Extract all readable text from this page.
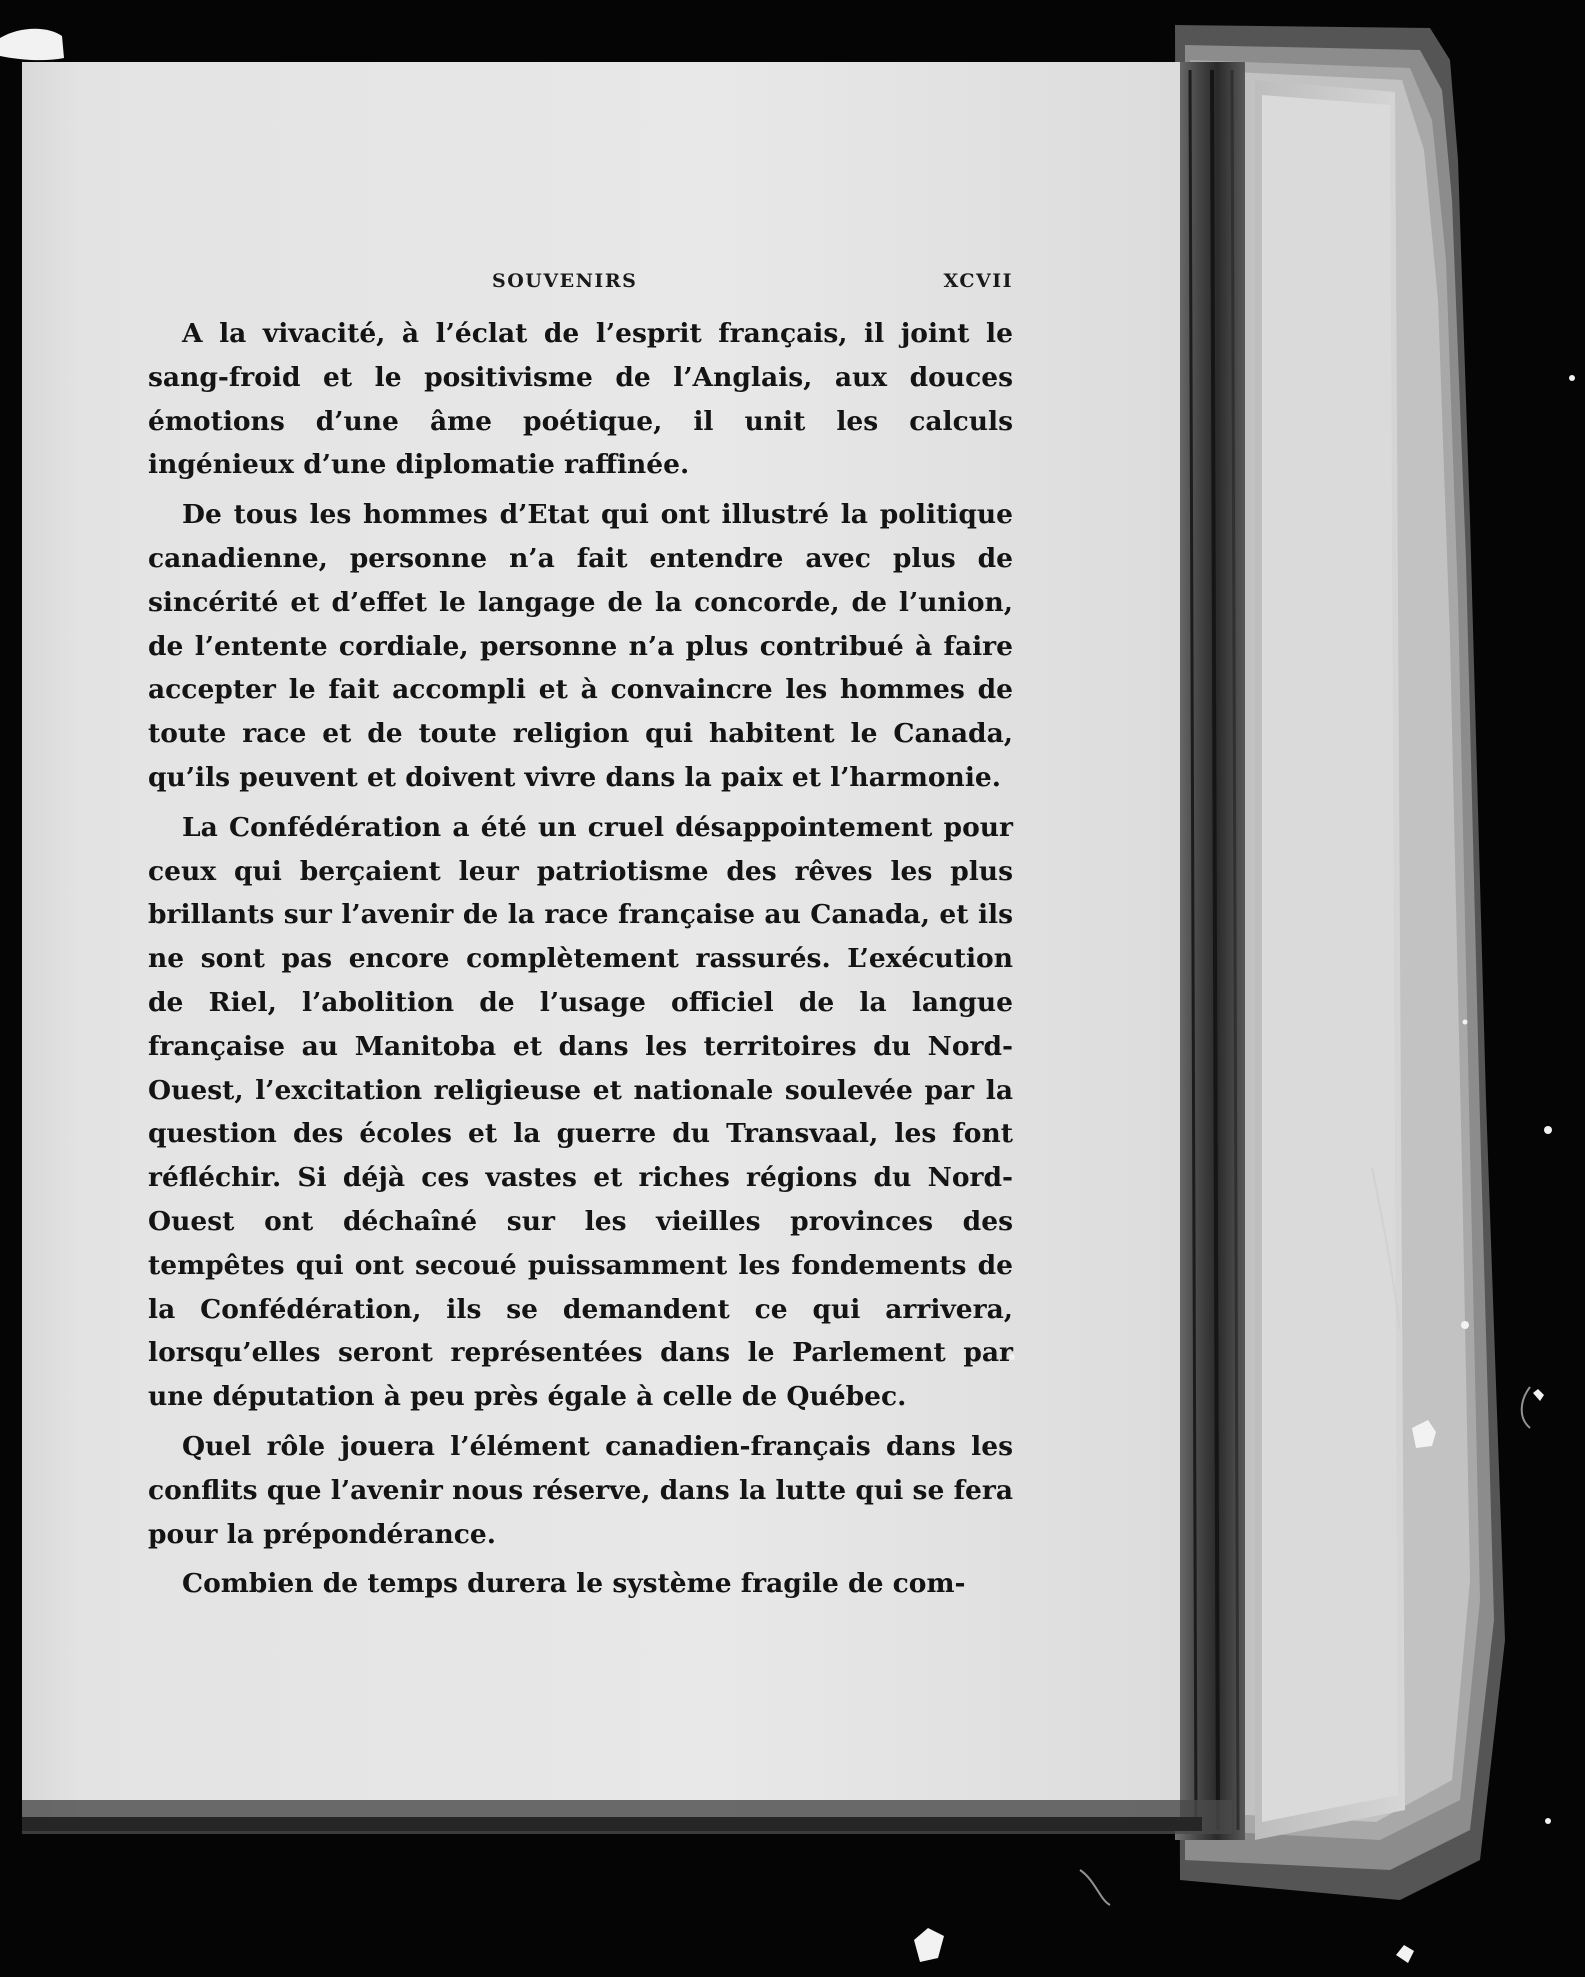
SOUVENIRS	XCVII

A la vivacité, à l’éclat de l’esprit français, il joint le sang-froid et le positivisme de l’Anglais, aux douces émotions d’une âme poétique, il unit les calculs ingénieux d’une diplomatie raffinée.

De tous les hommes d’Etat qui ont illustré la politique canadienne, personne n’a fait entendre avec plus de sincérité et d’effet le langage de la concorde, de l’union, de l’entente cordiale, personne n’a plus contribué à faire accepter le fait accompli et à convaincre les hommes de toute race et de toute religion qui habitent le Canada, qu’ils peuvent et doivent vivre dans la paix et l’harmonie.

La Confédération a été un cruel désappointement pour ceux qui berçaient leur patriotisme des rêves les plus brillants sur l’avenir de la race française au Canada, et ils ne sont pas encore complètement rassurés. L’exécution de Riel, l’abolition de l’usage officiel de la langue française au Manitoba et dans les territoires du Nord-Ouest, l’excitation religieuse et nationale soulevée par la question des écoles et la guerre du Transvaal, les font réfléchir. Si déjà ces vastes et riches régions du Nord-Ouest ont déchaîné sur les vieilles provinces des tempêtes qui ont secoué puissamment les fondements de la Confédération, ils se demandent ce qui arrivera, lorsqu’elles seront représentées dans le Parlement par une députation à peu près égale à celle de Québec.

Quel rôle jouera l’élément canadien-français dans les conflits que l’avenir nous réserve, dans la lutte qui se fera pour la prépondérance.

Combien de temps durera le système fragile de com-
